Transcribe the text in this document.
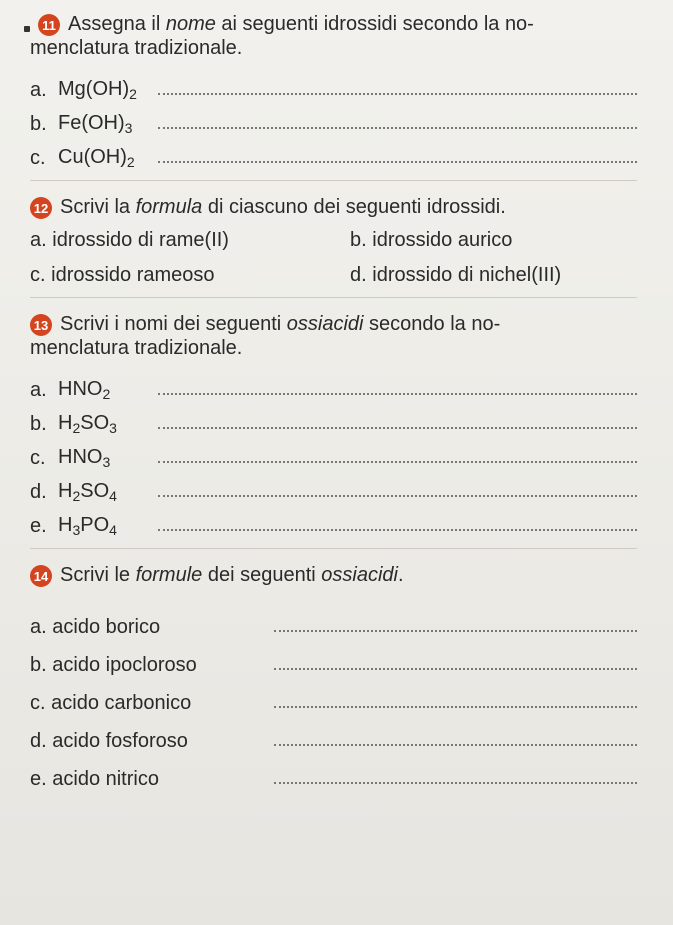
11 Assegna il nome ai seguenti idrossidi secondo la no-
menclatura tradizionale.
a. $Mg(OH)_2$
b. $Fe(OH)_3$
c. $Cu(OH)_2$
12 Scrivi la formula di ciascuno dei seguenti idrossidi.
a. idrossido di rame(II)	b. idrossido aurico
c. idrossido rameoso	d. idrossido di nichel(III)
13 Scrivi i nomi dei seguenti ossiacidi secondo la no-
menclatura tradizionale.
a. $HNO_2$
b. $H_2SO_3$
c. $HNO_3$
d. $H_2SO_4$
e. $H_3PO_4$
14 Scrivi le formule dei seguenti ossiacidi.
a. acido borico
b. acido ipocloroso
c. acido carbonico
d. acido fosforoso
e. acido nitrico
